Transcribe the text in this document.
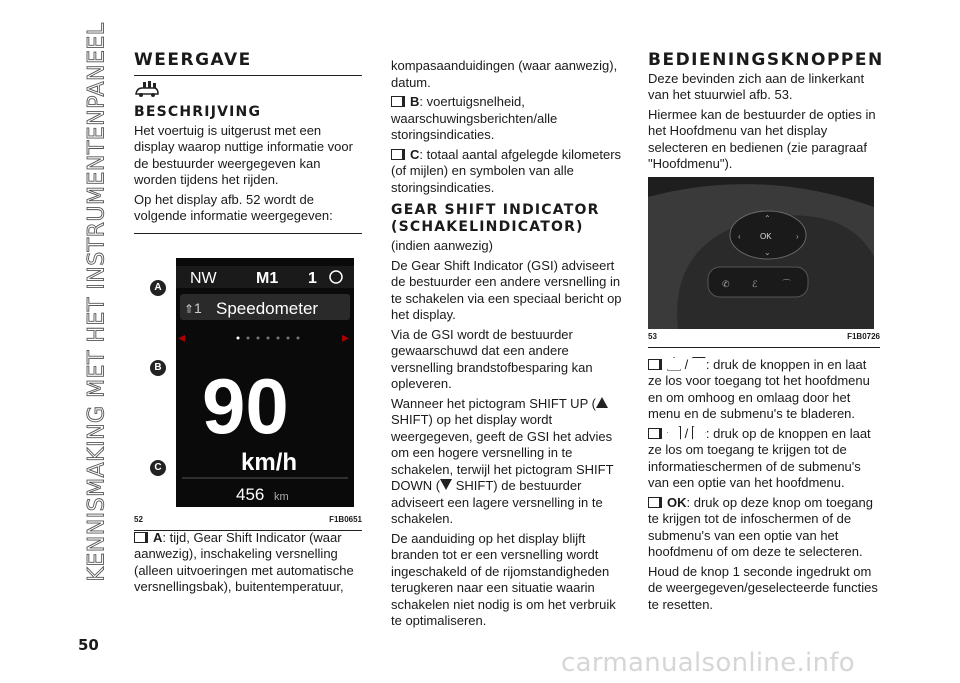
KENNISMAKING MET HET INSTRUMENTENPANEEL
50
carmanualsonline.info
WEERGAVE
BESCHRIJVING

Het voertuig is uitgerust met een display waarop nuttige informatie voor de bestuurder weergegeven kan worden tijdens het rijden.

Op het display afb. 52 wordt de volgende informatie weergegeven:

NW M1 1
⇑ 1 Speedometer
◂	▸
90
km/h
456 km
A
B
C
52	F1B0651

A: tijd, Gear Shift Indicator (waar aanwezig), inschakeling versnelling (alleen uitvoeringen met automatische versnellingsbak), buitentemperatuur,

kompasaanduidingen (waar aanwezig), datum.

B: voertuigsnelheid, waarschuwingsberichten/alle storingsindicaties.

C: totaal aantal afgelegde kilometers (of mijlen) en symbolen van alle storingsindicaties.

GEAR SHIFT INDICATOR (SCHAKELINDICATOR)

(indien aanwezig)

De Gear Shift Indicator (GSI) adviseert de bestuurder een andere versnelling in te schakelen via een speciaal bericht op het display.

Via de GSI wordt de bestuurder gewaarschuwd dat een andere versnelling brandstofbesparing kan opleveren.

Wanneer het pictogram SHIFT UP ( SHIFT) op het display wordt weergegeven, geeft de GSI het advies om een hogere versnelling in te schakelen, terwijl het pictogram SHIFT DOWN ( SHIFT) de bestuurder adviseert een lagere versnelling in te schakelen.

De aanduiding op het display blijft branden tot er een versnelling wordt ingeschakeld of de rijomstandigheden terugkeren naar een situatie waarin schakelen niet nodig is om het verbruik te optimaliseren.

BEDIENINGSKNOPPEN

Deze bevinden zich aan de linkerkant van het stuurwiel afb. 53.

Hiermee kan de bestuurder de opties in het Hoofdmenu van het display selecteren en bedienen (zie paragraaf "Hoofdmenu").

OK
⌃
⌄
‹	›
✆ ℰ	⌒
53	F1B0726

/ : druk de knoppen in en laat ze los voor toegang tot het hoofdmenu en om omhoog en omlaag door het menu en de submenu's te bladeren.

/ : druk op de knoppen en laat ze los om toegang te krijgen tot de informatieschermen of de submenu's van een optie van het hoofdmenu.

OK: druk op deze knop om toegang te krijgen tot de infoschermen of de submenu's van een optie van het hoofdmenu of om deze te selecteren.

Houd de knop 1 seconde ingedrukt om de weergegeven/geselecteerde functies te resetten.
